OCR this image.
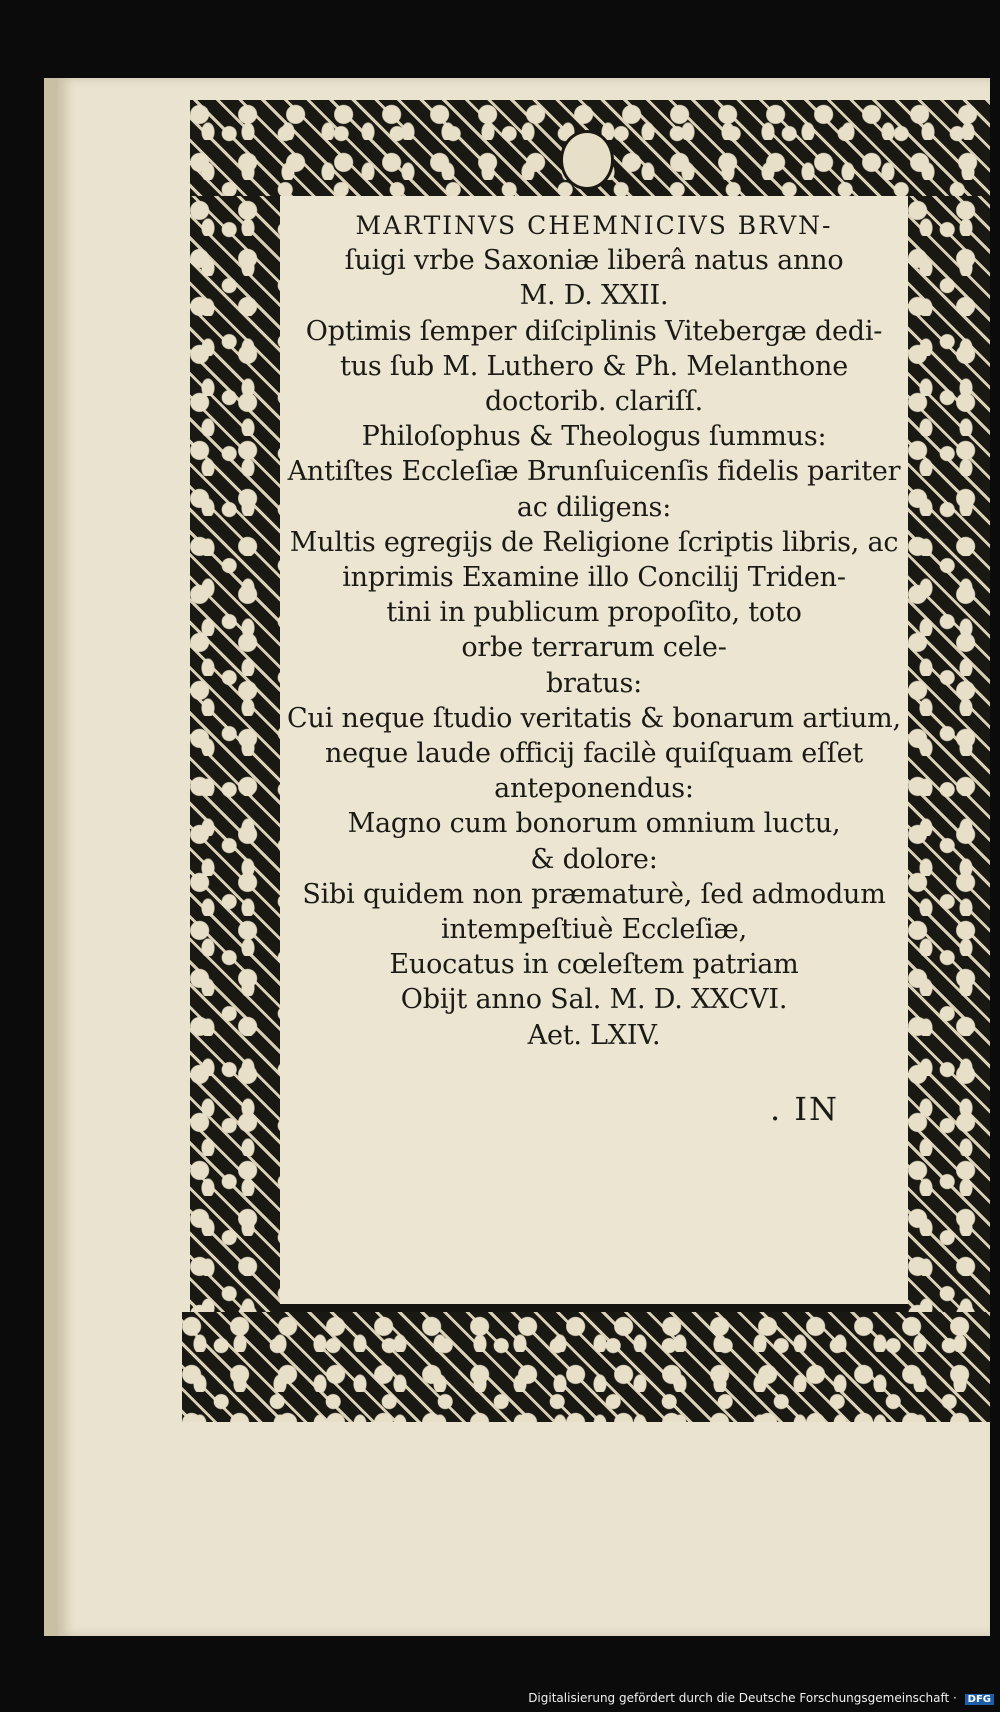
MARTINVS CHEMNICIVS BRVN-
ſuigi vrbe Saxoniæ liberâ natus anno
M. D. XXII.
Optimis ſemper diſciplinis Vitebergæ dedi-
tus ſub M. Luthero & Ph. Melanthone
doctorib. clariſſ.
Philoſophus & Theologus ſummus:
Antiſtes Eccleſiæ Brunſuicenſis fidelis pariter
ac diligens:
Multis egregijs de Religione ſcriptis libris, ac
inprimis Examine illo Concilij Triden-
tini in publicum propoſito, toto
orbe terrarum cele-
bratus:
Cui neque ſtudio veritatis & bonarum artium,
neque laude officij facilè quiſquam eſſet
anteponendus:
Magno cum bonorum omnium luctu,
& dolore:
Sibi quidem non præmaturè, ſed admodum
intempeſtiuè Eccleſiæ,
Euocatus in cœleſtem patriam
Obijt anno Sal. M. D. XXCVI.
Aet. LXIV.
. IN
Digitalisierung gefördert durch die Deutsche Forschungsgemeinschaft · DFG
